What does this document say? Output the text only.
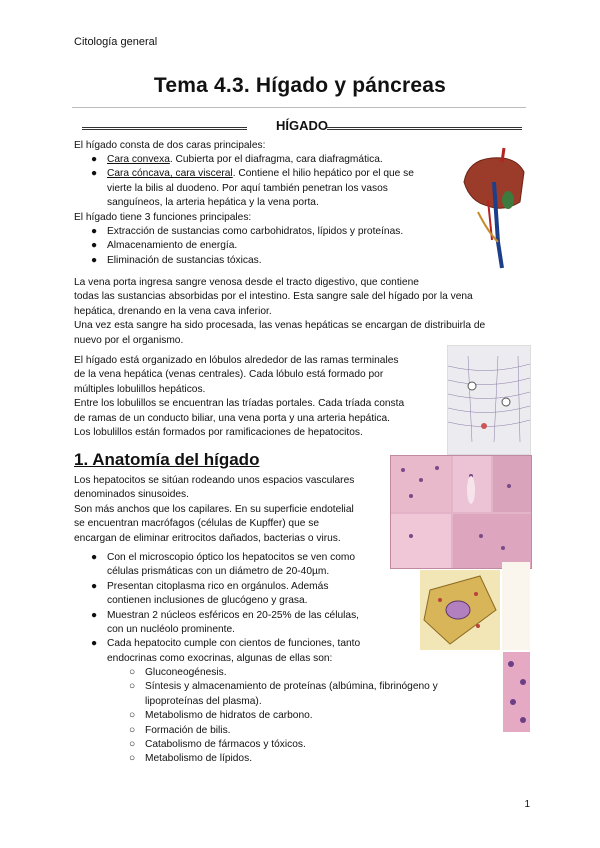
Citología general
Tema 4.3. Hígado y páncreas
HÍGADO
El hígado consta de dos caras principales:
● Cara convexa. Cubierta por el diafragma, cara diafragmática.
● Cara cóncava, cara visceral. Contiene el hilio hepático por el que se
vierte la bilis al duodeno. Por aquí también penetran los vasos
sanguíneos, la arteria hepática y la vena porta.
El hígado tiene 3 funciones principales:
● Extracción de sustancias como carbohidratos, lípidos y proteínas.
● Almacenamiento de energía.
● Eliminación de sustancias tóxicas.
La vena porta ingresa sangre venosa desde el tracto digestivo, que contiene
todas las sustancias absorbidas por el intestino. Esta sangre sale del hígado por la vena
hepática, drenando en la vena cava inferior.
Una vez esta sangre ha sido procesada, las venas hepáticas se encargan de distribuirla de
nuevo por el organismo.
El hígado está organizado en lóbulos alrededor de las ramas terminales
de la vena hepática (venas centrales). Cada lóbulo está formado por
múltiples lobulillos hepáticos.
Entre los lobulillos se encuentran las tríadas portales. Cada tríada consta
de ramas de un conducto biliar, una vena porta y una arteria hepática.
Los lobulillos están formados por ramificaciones de hepatocitos.
1. Anatomía del hígado
Los hepatocitos se sitúan rodeando unos espacios vasculares
denominados sinusoides.
Son más anchos que los capilares. En su superficie endotelial
se encuentran macrófagos (células de Kupffer) que se
encargan de eliminar eritrocitos dañados, bacterias o virus.
● Con el microscopio óptico los hepatocitos se ven como
células prismáticas con un diámetro de 20-40µm.
● Presentan citoplasma rico en orgánulos. Además
contienen inclusiones de glucógeno y grasa.
● Muestran 2 núcleos esféricos en 20-25% de las células,
con un nucléolo prominente.
● Cada hepatocito cumple con cientos de funciones, tanto
endocrinas como exocrinas, algunas de ellas son:
○ Gluconeogénesis.
○ Síntesis y almacenamiento de proteínas (albúmina, fibrinógeno y
lipoproteínas del plasma).
○ Metabolismo de hidratos de carbono.
○ Formación de bilis.
○ Catabolismo de fármacos y tóxicos.
○ Metabolismo de lípidos.
1
